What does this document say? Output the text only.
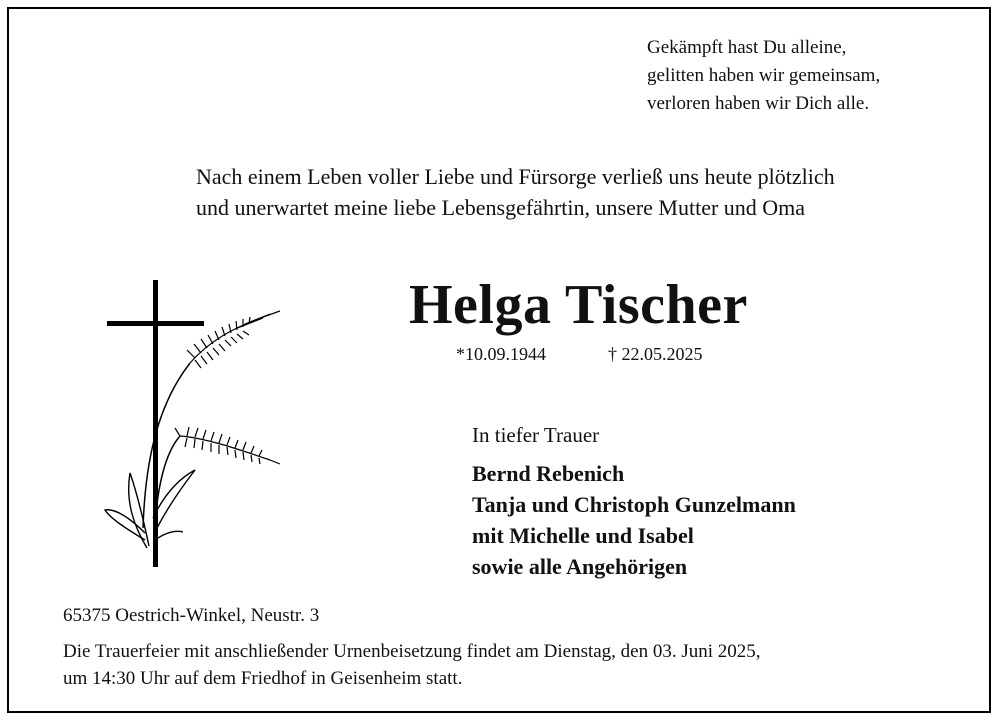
Gekämpft hast Du alleine,
gelitten haben wir gemeinsam,
verloren haben wir Dich alle.
Nach einem Leben voller Liebe und Fürsorge verließ uns heute plötzlich
und unerwartet meine liebe Lebensgefährtin, unsere Mutter und Oma
Helga Tischer
*10.09.1944	† 22.05.2025
In tiefer Trauer
Bernd Rebenich
Tanja und Christoph Gunzelmann
mit Michelle und Isabel
sowie alle Angehörigen
65375 Oestrich-Winkel, Neustr. 3
Die Trauerfeier mit anschließender Urnenbeisetzung findet am Dienstag, den 03. Juni 2025,
um 14:30 Uhr auf dem Friedhof in Geisenheim statt.
